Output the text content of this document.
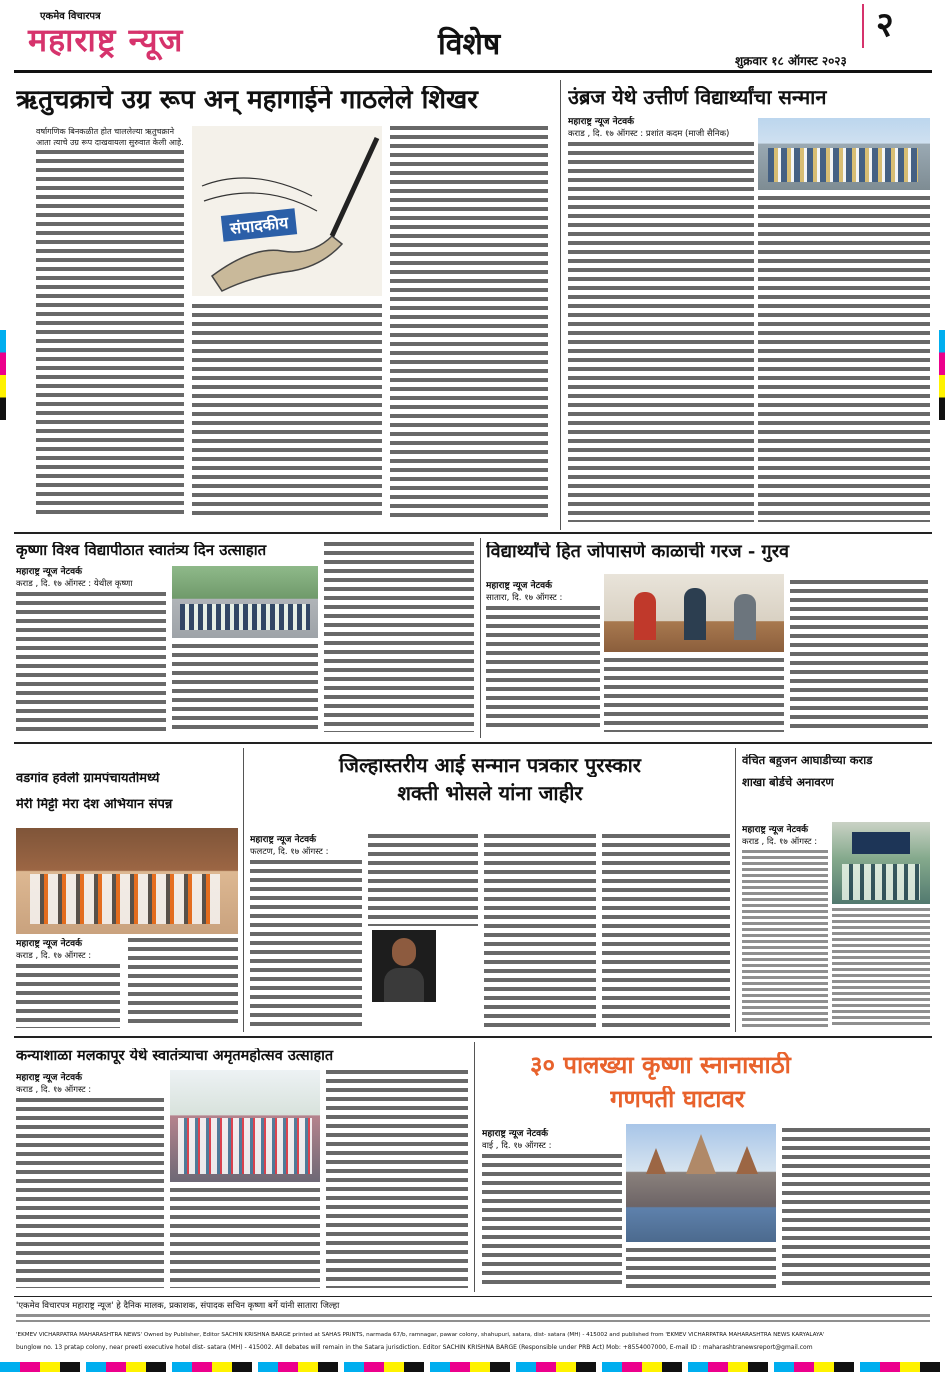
एकमेव विचारपत्र
महाराष्ट्र न्यूज	विशेष	२
शुक्रवार १८ ऑगस्ट २०२३
ऋतुचक्राचे उग्र रूप अन् महागाईने गाठलेले शिखर
वर्षागणिक बिनकळीत होत चाललेल्या ऋतुचक्राने आता त्याचे उग्र रूप दाखवायला सुरुवात केली आहे.
संपादकीय
उंब्रज येथे उत्तीर्ण विद्यार्थ्यांचा सन्मान
महाराष्ट्र न्यूज नेटवर्क
कराड , दि. १७ ऑगस्ट : प्रशांत कदम (माजी सैनिक)
कृष्णा विश्व विद्यापीठात स्वातंत्र्य दिन उत्साहात
महाराष्ट्र न्यूज नेटवर्क
कराड , दि. १७ ऑगस्ट : येथील कृष्णा
विद्यार्थ्यांचे हित जोपासणे काळाची गरज - गुरव
महाराष्ट्र न्यूज नेटवर्क
सातारा, दि. १७ ऑगस्ट :
वडगांव हवेली ग्रामपंचायतीमध्ये
मेरी मिट्टी मेरा देश अभियान संपन्न
महाराष्ट्र न्यूज नेटवर्क
कराड , दि. १७ ऑगस्ट :
जिल्हास्तरीय आई सन्मान पत्रकार पुरस्कार
शक्ती भोसले यांना जाहीर
महाराष्ट्र न्यूज नेटवर्क
फलटण, दि. १७ ऑगस्ट :
वंचित बहुजन आघाडीच्या कराड
शाखा बोर्डचे अनावरण
महाराष्ट्र न्यूज नेटवर्क
कराड , दि. १७ ऑगस्ट :
कन्याशाळा मलकापूर येथे स्वातंत्र्याचा अमृतमहोत्सव उत्साहात
महाराष्ट्र न्यूज नेटवर्क
कराड , दि. १७ ऑगस्ट :
३० पालख्या कृष्णा स्नानासाठी
गणपती घाटावर
महाराष्ट्र न्यूज नेटवर्क
वाई , दि. १७ ऑगस्ट :
'एकमेव विचारपत्र महाराष्ट्र न्यूज' हे दैनिक मालक, प्रकाशक, संपादक सचिन कृष्णा बर्गे यांनी सातारा जिल्हा
'EKMEV VICHARPATRA MAHARASHTRA NEWS' Owned by Publisher, Editor SACHIN KRISHNA BARGE printed at SAHAS PRINTS, narmada 67/b, ramnagar, pawar colony, shahupuri, satara, dist- satara (MH) - 415002 and published from 'EKMEV VICHARPATRA MAHARASHTRA NEWS KARYALAYA'
bunglow no. 13 pratap colony, near preeti executive hotel dist- satara (MH) - 415002. All debates will remain in the Satara jurisdiction. Editor SACHIN KRISHNA BARGE (Responsible under PRB Act) Mob: +8554007000, E-mail ID : maharashtranewsreport@gmail.com
